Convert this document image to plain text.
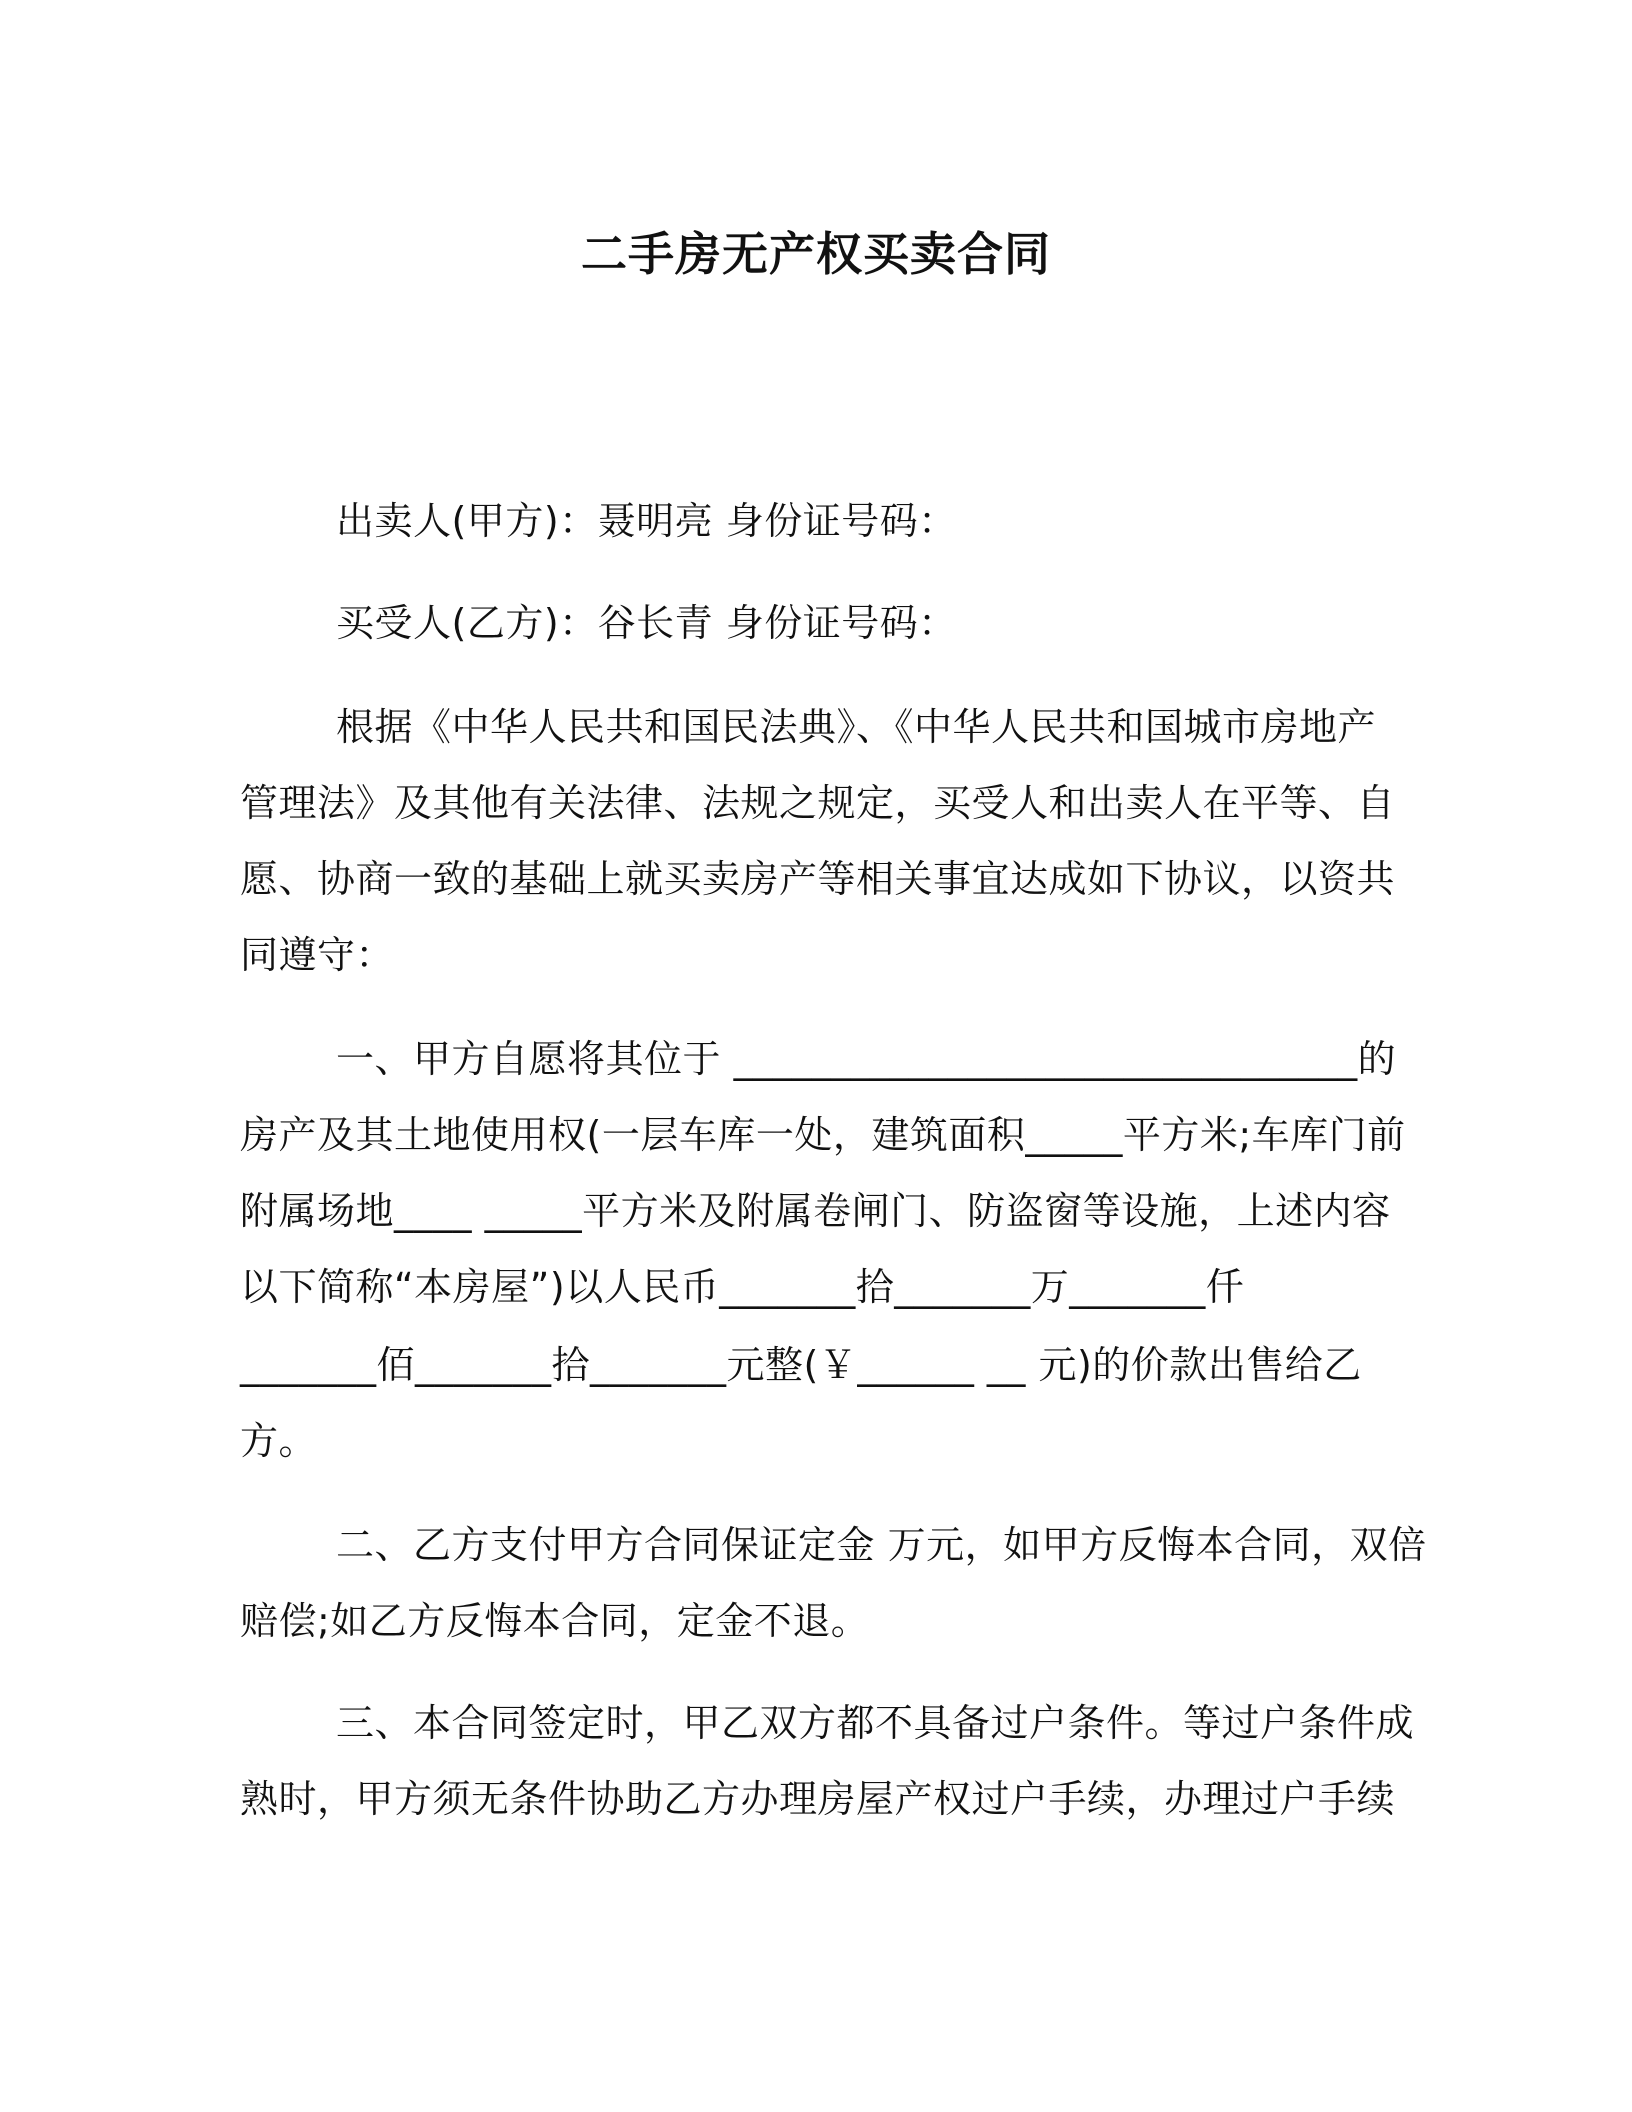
二手房无产权买卖合同
出卖人(甲方)：聂明亮 身份证号码：
买受人(乙方)：谷长青 身份证号码：
根据《中华人民共和国民法典》、《中华人民共和国城市房地产
管理法》及其他有关法律、法规之规定，买受人和出卖人在平等、自
愿、协商一致的基础上就买卖房产等相关事宜达成如下协议，以资共
同遵守：
一、甲方自愿将其位于 ________________________________的
房产及其土地使用权(一层车库一处，建筑面积_____平方米;车库门前
附属场地____ _____平方米及附属卷闸门、防盗窗等设施，上述内容
以下简称“本房屋”)以人民币_______拾_______万_______仟
_______佰_______拾_______元整(￥______ __ 元)的价款出售给乙
方。
二、乙方支付甲方合同保证定金 万元，如甲方反悔本合同，双倍
赔偿;如乙方反悔本合同，定金不退。
三、本合同签定时，甲乙双方都不具备过户条件。等过户条件成
熟时，甲方须无条件协助乙方办理房屋产权过户手续，办理过户手续
